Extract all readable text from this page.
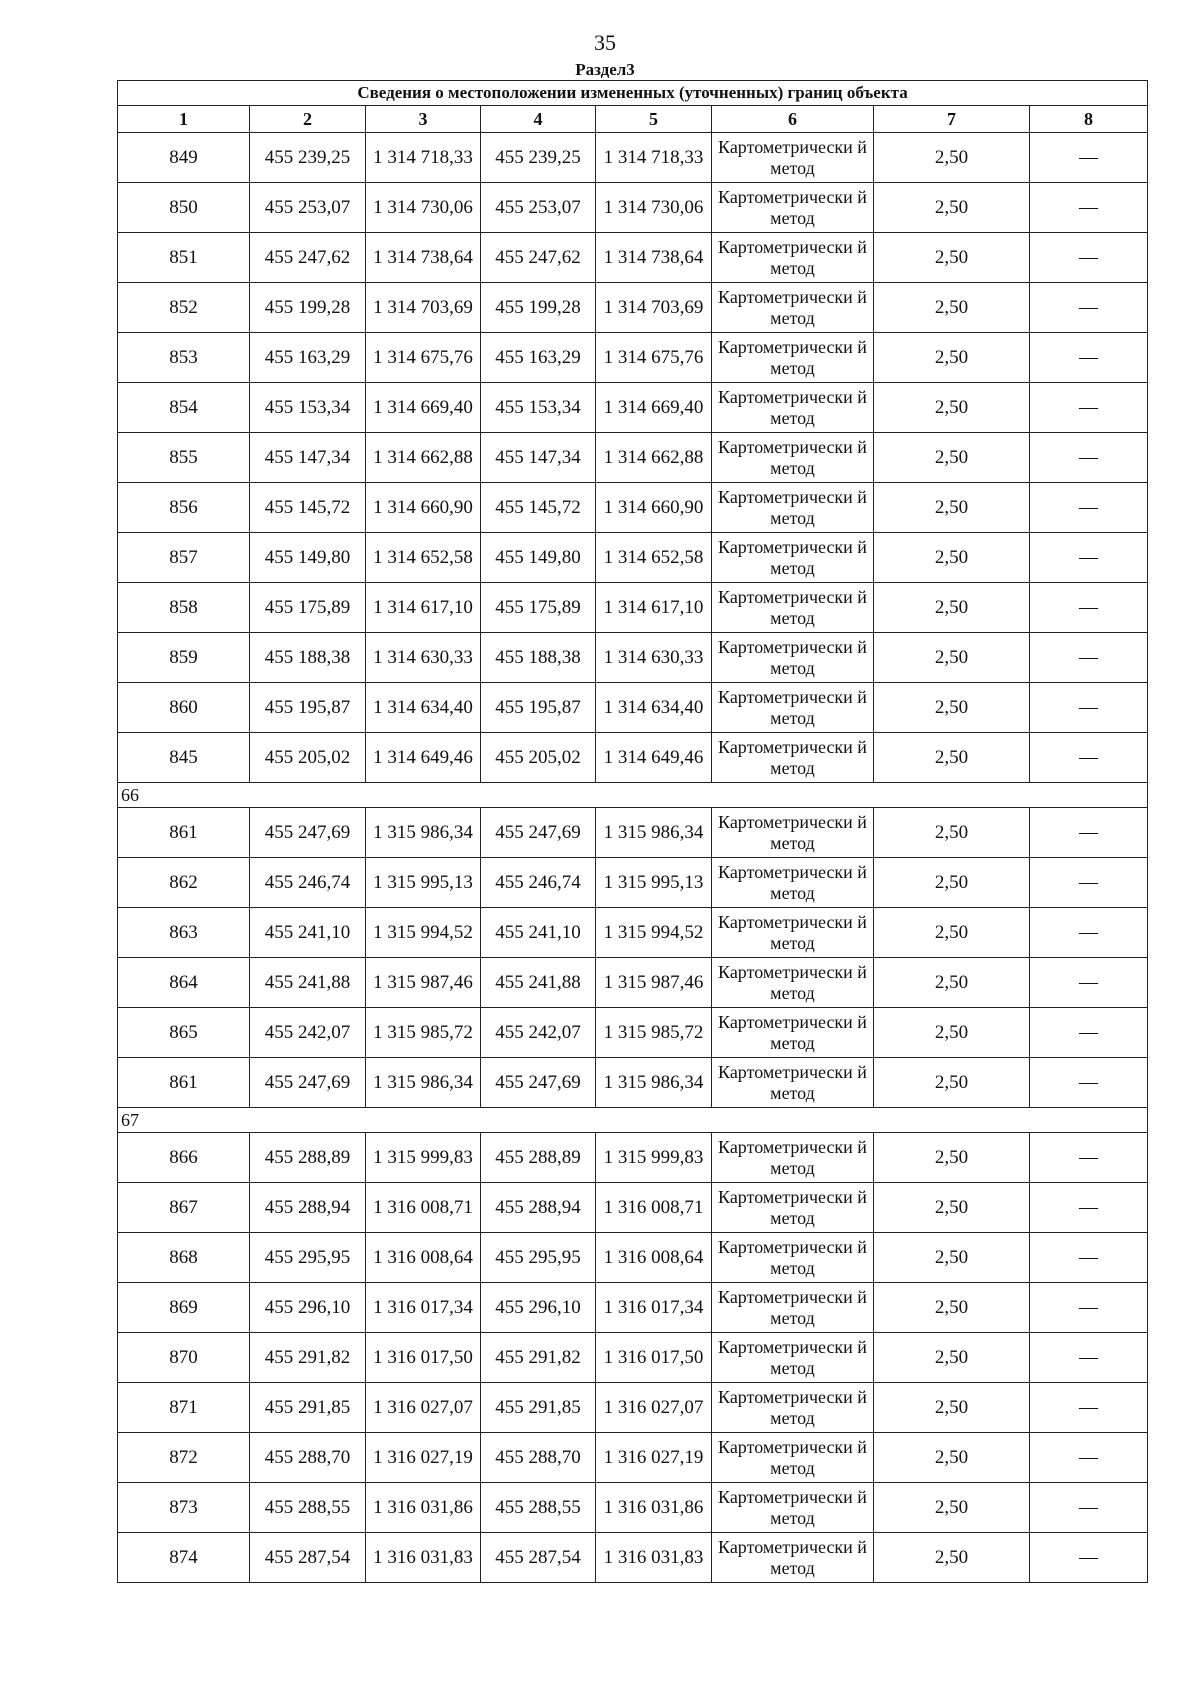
35
Раздел3
Сведения о местоположении измененных (уточненных) границ объекта							
1	2	3	4	5	6	7	8
849	455 239,25	1 314 718,33	455 239,25	1 314 718,33	Картометрически й метод	2,50	—
850	455 253,07	1 314 730,06	455 253,07	1 314 730,06	Картометрически й метод	2,50	—
851	455 247,62	1 314 738,64	455 247,62	1 314 738,64	Картометрически й метод	2,50	—
852	455 199,28	1 314 703,69	455 199,28	1 314 703,69	Картометрически й метод	2,50	—
853	455 163,29	1 314 675,76	455 163,29	1 314 675,76	Картометрически й метод	2,50	—
854	455 153,34	1 314 669,40	455 153,34	1 314 669,40	Картометрически й метод	2,50	—
855	455 147,34	1 314 662,88	455 147,34	1 314 662,88	Картометрически й метод	2,50	—
856	455 145,72	1 314 660,90	455 145,72	1 314 660,90	Картометрически й метод	2,50	—
857	455 149,80	1 314 652,58	455 149,80	1 314 652,58	Картометрически й метод	2,50	—
858	455 175,89	1 314 617,10	455 175,89	1 314 617,10	Картометрически й метод	2,50	—
859	455 188,38	1 314 630,33	455 188,38	1 314 630,33	Картометрически й метод	2,50	—
860	455 195,87	1 314 634,40	455 195,87	1 314 634,40	Картометрически й метод	2,50	—
845	455 205,02	1 314 649,46	455 205,02	1 314 649,46	Картометрически й метод	2,50	—
66							
861	455 247,69	1 315 986,34	455 247,69	1 315 986,34	Картометрически й метод	2,50	—
862	455 246,74	1 315 995,13	455 246,74	1 315 995,13	Картометрически й метод	2,50	—
863	455 241,10	1 315 994,52	455 241,10	1 315 994,52	Картометрически й метод	2,50	—
864	455 241,88	1 315 987,46	455 241,88	1 315 987,46	Картометрически й метод	2,50	—
865	455 242,07	1 315 985,72	455 242,07	1 315 985,72	Картометрически й метод	2,50	—
861	455 247,69	1 315 986,34	455 247,69	1 315 986,34	Картометрически й метод	2,50	—
67							
866	455 288,89	1 315 999,83	455 288,89	1 315 999,83	Картометрически й метод	2,50	—
867	455 288,94	1 316 008,71	455 288,94	1 316 008,71	Картометрически й метод	2,50	—
868	455 295,95	1 316 008,64	455 295,95	1 316 008,64	Картометрически й метод	2,50	—
869	455 296,10	1 316 017,34	455 296,10	1 316 017,34	Картометрически й метод	2,50	—
870	455 291,82	1 316 017,50	455 291,82	1 316 017,50	Картометрически й метод	2,50	—
871	455 291,85	1 316 027,07	455 291,85	1 316 027,07	Картометрически й метод	2,50	—
872	455 288,70	1 316 027,19	455 288,70	1 316 027,19	Картометрически й метод	2,50	—
873	455 288,55	1 316 031,86	455 288,55	1 316 031,86	Картометрически й метод	2,50	—
874	455 287,54	1 316 031,83	455 287,54	1 316 031,83	Картометрически й метод	2,50	—
